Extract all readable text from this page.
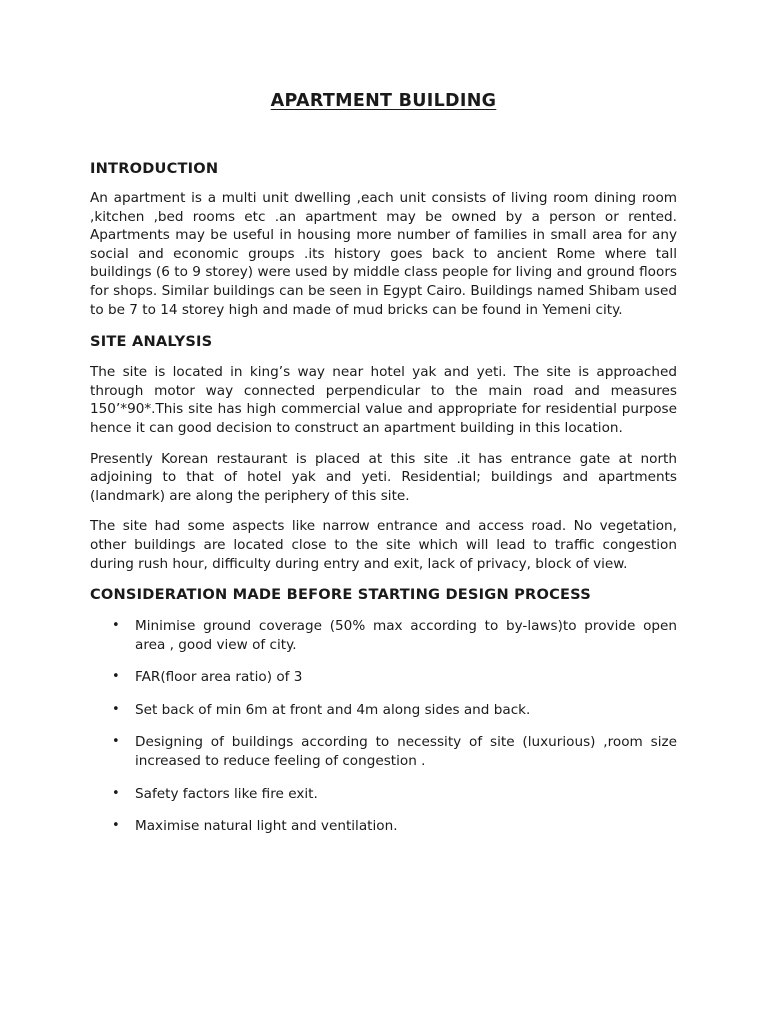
APARTMENT BUILDING
INTRODUCTION

An apartment is a multi unit dwelling ,each unit consists of living room dining room ,kitchen ,bed rooms etc .an apartment may be owned by a person or rented. Apartments may be useful in housing more number of families in small area for any social and economic groups .its history goes back to ancient Rome where tall buildings (6 to 9 storey) were used by middle class people for living and ground floors for shops. Similar buildings can be seen in Egypt Cairo. Buildings named Shibam used to be 7 to 14 storey high and made of mud bricks can be found in Yemeni city.

SITE ANALYSIS

The site is located in king’s way near hotel yak and yeti. The site is approached through motor way connected perpendicular to the main road and measures 150’*90*.This site has high commercial value and appropriate for residential purpose hence it can good decision to construct an apartment building in this location.

Presently Korean restaurant is placed at this site .it has entrance gate at north adjoining to that of hotel yak and yeti. Residential; buildings and apartments (landmark) are along the periphery of this site.

The site had some aspects like narrow entrance and access road. No vegetation, other buildings are located close to the site which will lead to traffic congestion during rush hour, difficulty during entry and exit, lack of privacy, block of view.

CONSIDERATION MADE BEFORE STARTING DESIGN PROCESS
• Minimise ground coverage (50% max according to by-laws)to provide open area , good view of city.
• FAR(floor area ratio) of 3
• Set back of min 6m at front and 4m along sides and back.
• Designing of buildings according to necessity of site (luxurious) ,room size increased to reduce feeling of congestion .
• Safety factors like fire exit.
• Maximise natural light and ventilation.
